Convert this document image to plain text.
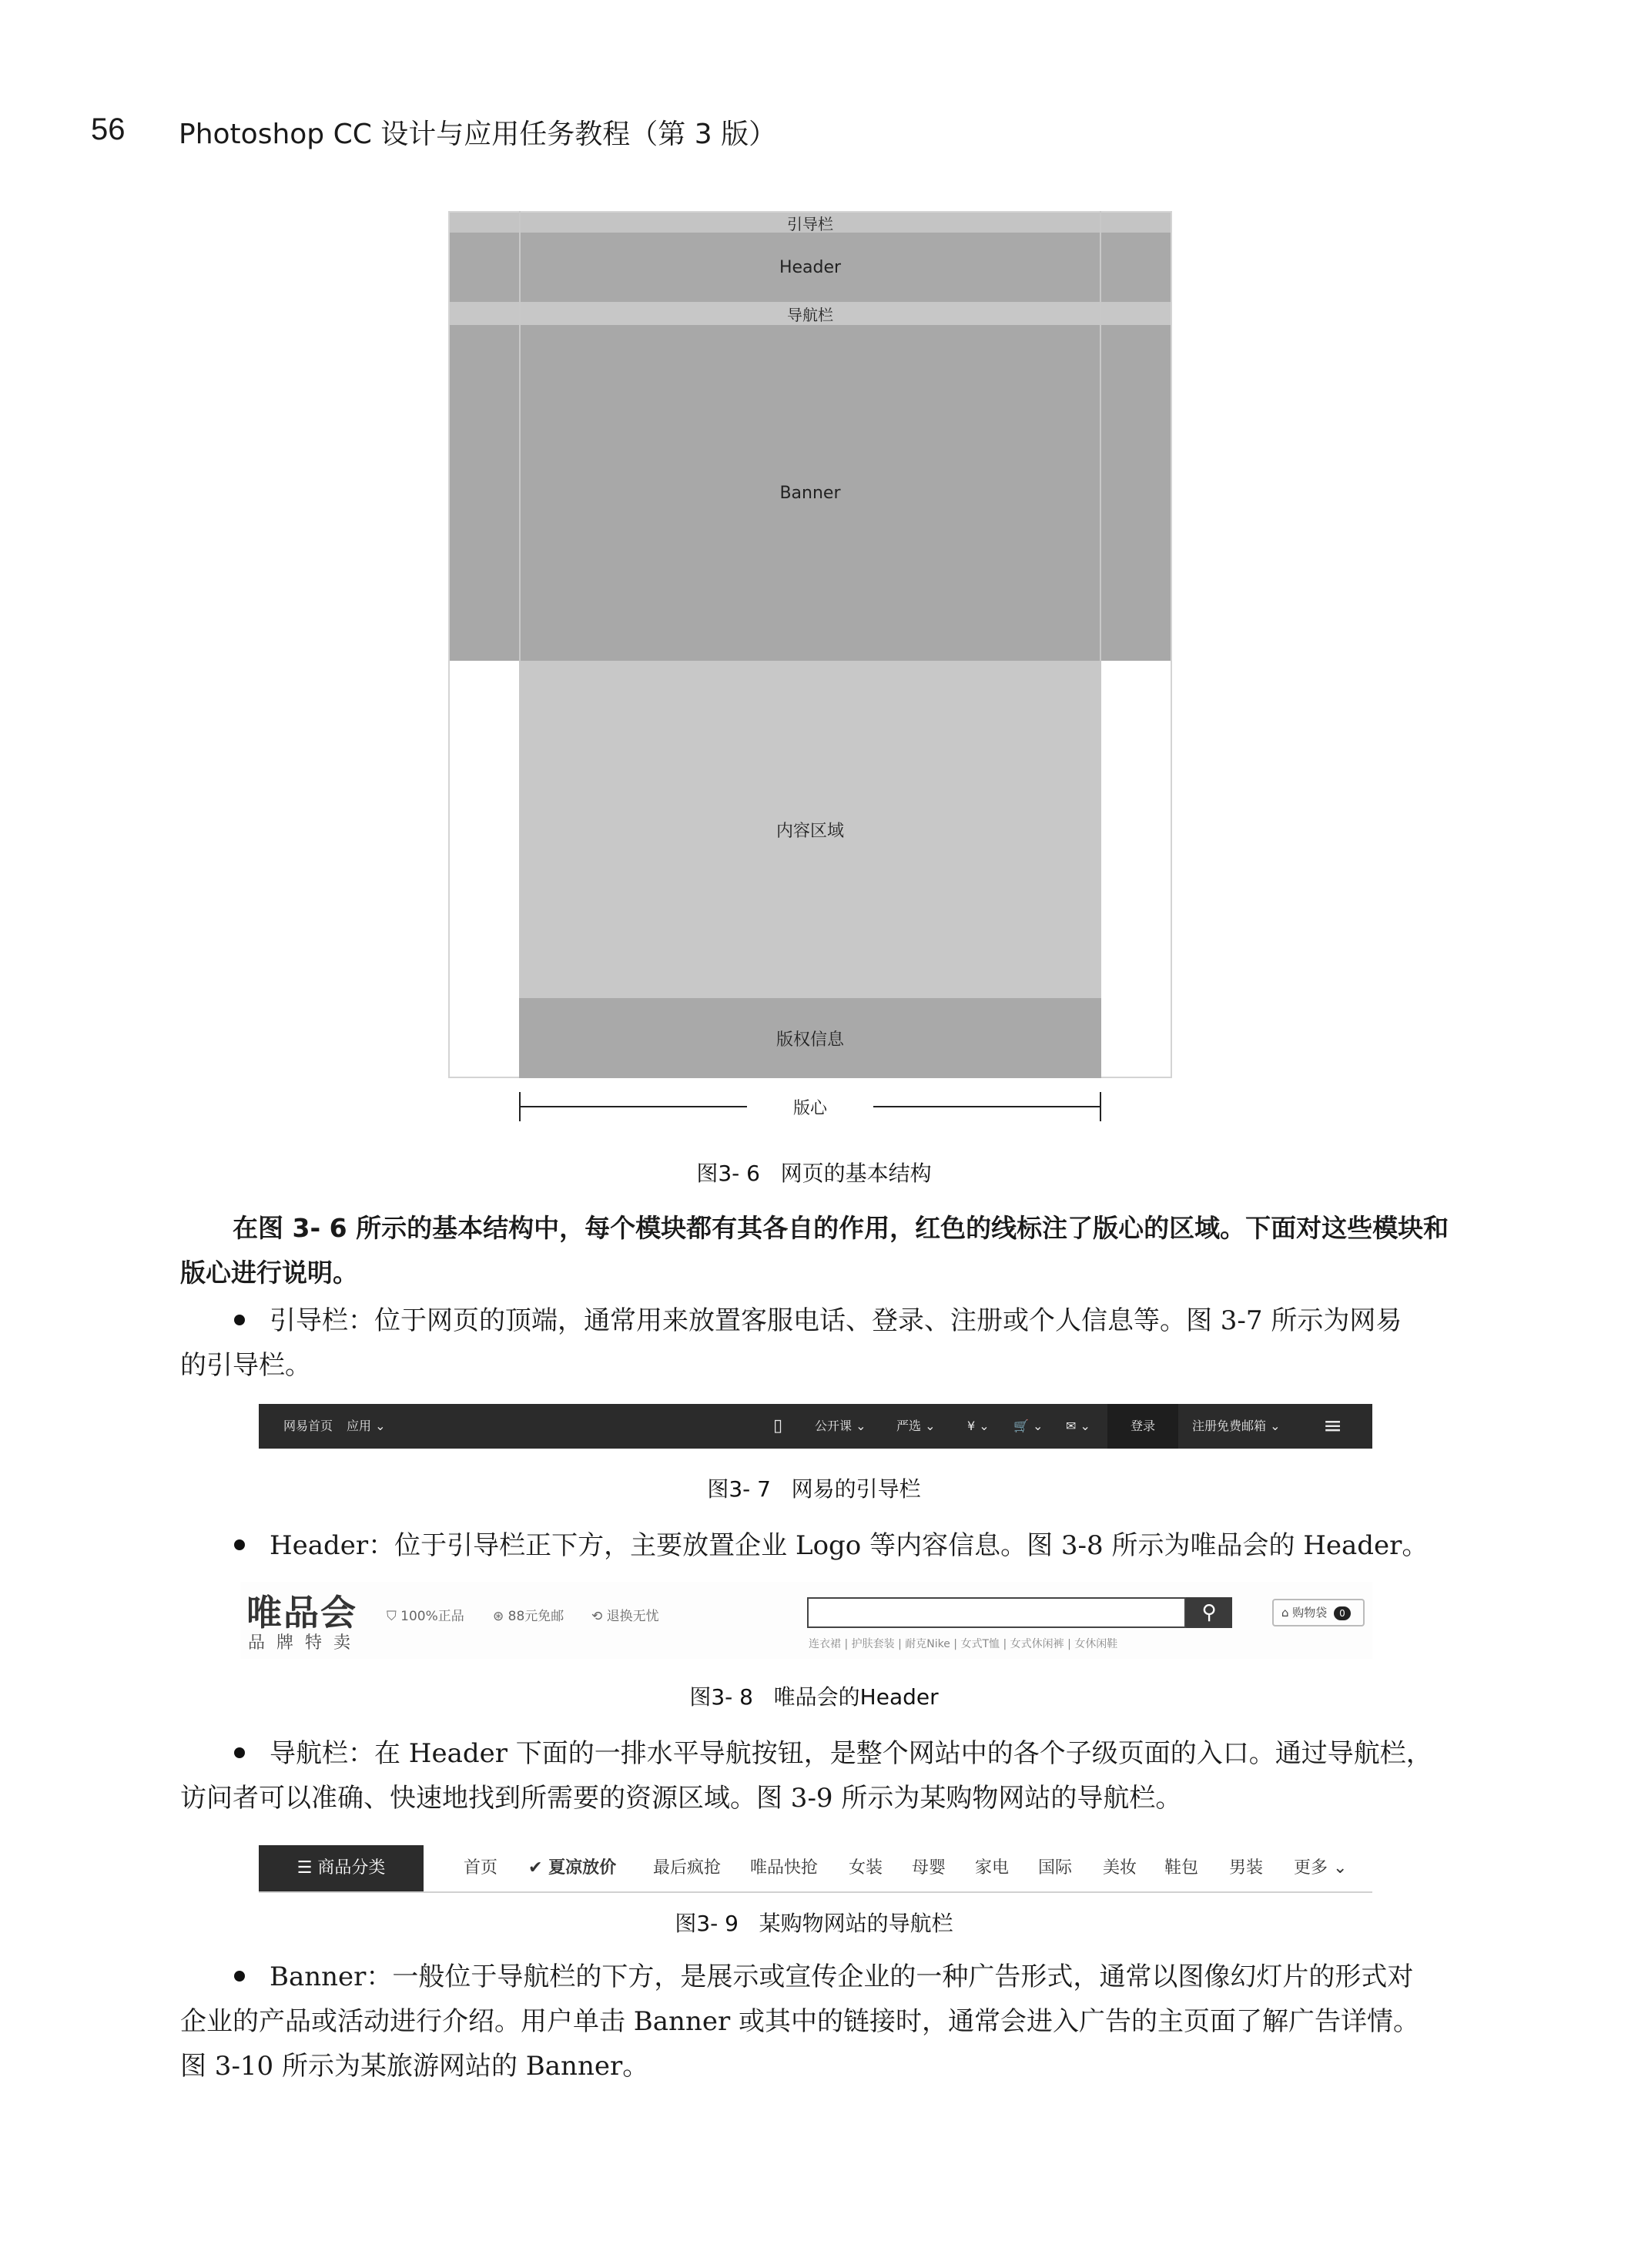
56 Photoshop CC 设计与应用任务教程（第 3 版）
引导栏
Header
导航栏
Banner
内容区域
版权信息
版心
图3- 6   网页的基本结构
在图 3- 6 所示的基本结构中，每个模块都有其各自的作用，红色的线标注了版心的区域。下面对这些模块和版心进行说明。
引导栏：位于网页的顶端，通常用来放置客服电话、登录、注册或个人信息等。图 3-7 所示为网易
的引导栏。
网易首页 应用 ⌄	▯	公开课 ⌄ 严选 ⌄	¥ ⌄ 🛒 ⌄ ✉ ⌄	登录	注册免费邮箱 ⌄ ≡
图3- 7   网易的引导栏
Header：位于引导栏正下方，主要放置企业 Logo 等内容信息。图 3-8 所示为唯品会的 Header。
唯品会
品 牌 特 卖
⛉ 100%正品 ⊛ 88元免邮 ⟲ 退换无忧	⚲
连衣裙 | 护肤套装 | 耐克Nike | 女式T恤 | 女式休闲裤 | 女休闲鞋
⌂ 购物袋 0
图3- 8   唯品会的Header
导航栏：在 Header 下面的一排水平导航按钮，是整个网站中的各个子级页面的入口。通过导航栏，
访问者可以准确、快速地找到所需要的资源区域。图 3-9 所示为某购物网站的导航栏。
☰ 商品分类	首页 ✔ 夏凉放价 最后疯抢 唯品快抢 女装 母婴 家电 国际 美妆 鞋包 男装 更多 ⌄
图3- 9   某购物网站的导航栏
Banner：一般位于导航栏的下方，是展示或宣传企业的一种广告形式，通常以图像幻灯片的形式对
企业的产品或活动进行介绍。用户单击 Banner 或其中的链接时，通常会进入广告的主页面了解广告详情。
图 3-10 所示为某旅游网站的 Banner。
